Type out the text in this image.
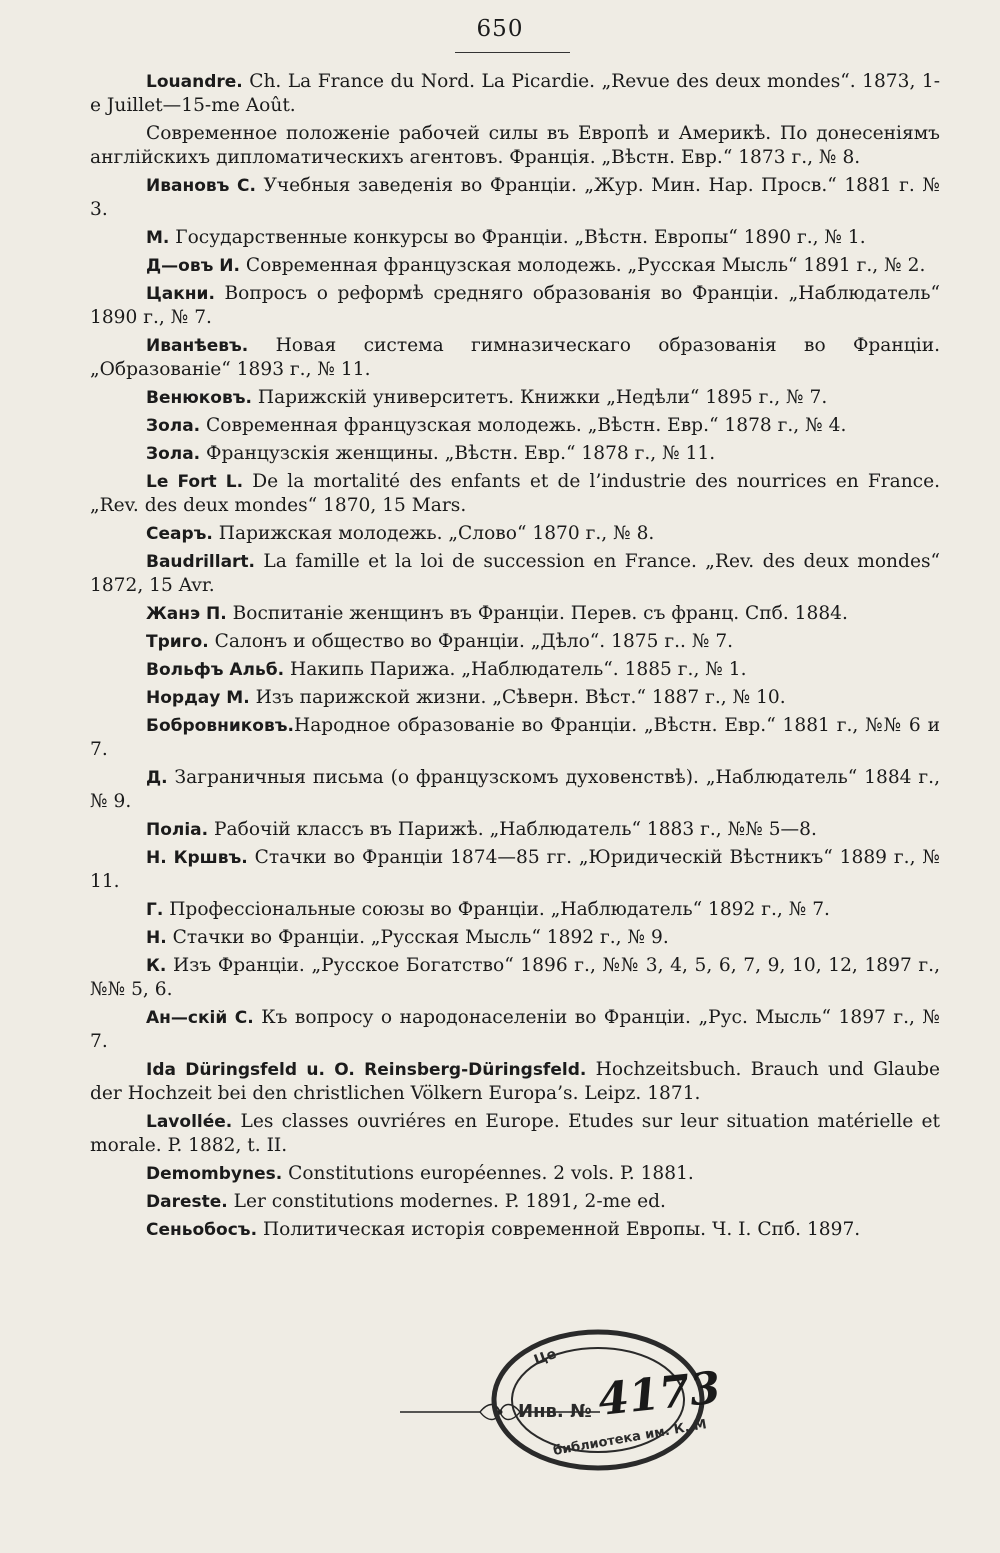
650

Louandre. Ch. La France du Nord. La Picardie. „Revue des deux mondes“. 1873, 1-e Juillet—15-me Août.

Современное положенie рабочей силы въ Европѣ и Америкѣ. По донесенiямъ англiйскихъ дипломатическихъ агентовъ. Францiя. „Вѣстн. Евр.“ 1873 г., № 8.

Ивановъ С. Учебныя заведенiя во Францiи. „Жур. Мин. Нар. Просв.“ 1881 г. № 3.

М. Государственные конкурсы во Францiи. „Вѣстн. Европы“ 1890 г., № 1.

Д—овъ И. Современная французская молодежь. „Русская Мысль“ 1891 г., № 2.

Цакни. Вопросъ о реформѣ средняго образованiя во Францiи. „Наблюдатель“ 1890 г., № 7.

Иванѣевъ. Новая система гимназическаго образованiя во Францiи. „Образованiе“ 1893 г., № 11.

Венюковъ. Парижскiй университетъ. Книжки „Недѣли“ 1895 г., № 7.

Зола. Современная французская молодежь. „Вѣстн. Евр.“ 1878 г., № 4.

Зола. Французскiя женщины. „Вѣстн. Евр.“ 1878 г., № 11.

Le Fort L. De la mortalité des enfants et de l’industrie des nourrices en France. „Rev. des deux mondes“ 1870, 15 Mars.

Сеаръ. Парижская молодежь. „Слово“ 1870 г., № 8.

Baudrillart. La famille et la loi de succession en France. „Rev. des deux mondes“ 1872, 15 Avr.

Жанэ П. Воспитанiе женщинъ въ Францiи. Перев. съ франц. Спб. 1884.

Триго. Салонъ и общество во Францiи. „Дѣло“. 1875 г.. № 7.

Вольфъ Альб. Накипь Парижа. „Наблюдатель“. 1885 г., № 1.

Нордау М. Изъ парижской жизни. „Сѣверн. Вѣст.“ 1887 г., № 10.

Бобровниковъ.Народное образованiе во Францiи. „Вѣстн. Евр.“ 1881 г., №№ 6 и 7.

Д. Заграничныя письма (о французскомъ духовенствѣ). „Наблюдатель“ 1884 г., № 9.

Полiа. Рабочiй классъ въ Парижѣ. „Наблюдатель“ 1883 г., №№ 5—8.

Н. Кршвъ. Стачки во Францiи 1874—85 гг. „Юридическiй Вѣстникъ“ 1889 г., № 11.

Г. Професciональные союзы во Францiи. „Наблюдатель“ 1892 г., № 7.

Н. Стачки во Францiи. „Русская Мысль“ 1892 г., № 9.

К. Изъ Францiи. „Русское Богатство“ 1896 г., №№ 3, 4, 5, 6, 7, 9, 10, 12, 1897 г., №№ 5, 6.

Ан—скiй С. Къ вопросу о народонаселенiи во Францiи. „Рус. Мысль“ 1897 г., № 7.

Ida Düringsfeld u. O. Reinsberg-Düringsfeld. Hochzeitsbuch. Brauch und Glaube der Hochzeit bei den christlichen Völkern Europa’s. Leipz. 1871.

Lavollée. Les classes ouvriéres en Europe. Etudes sur leur situation matérielle et morale. P. 1882, t. II.

Demombynes. Constitutions européennes. 2 vols. P. 1881.

Dareste. Ler constitutions modernes. P. 1891, 2-me ed.

Сеньобосъ. Политическая исторiя современной Европы. Ч. I. Спб. 1897.

Це
Инв. № 4173
библиотека им. К. М
